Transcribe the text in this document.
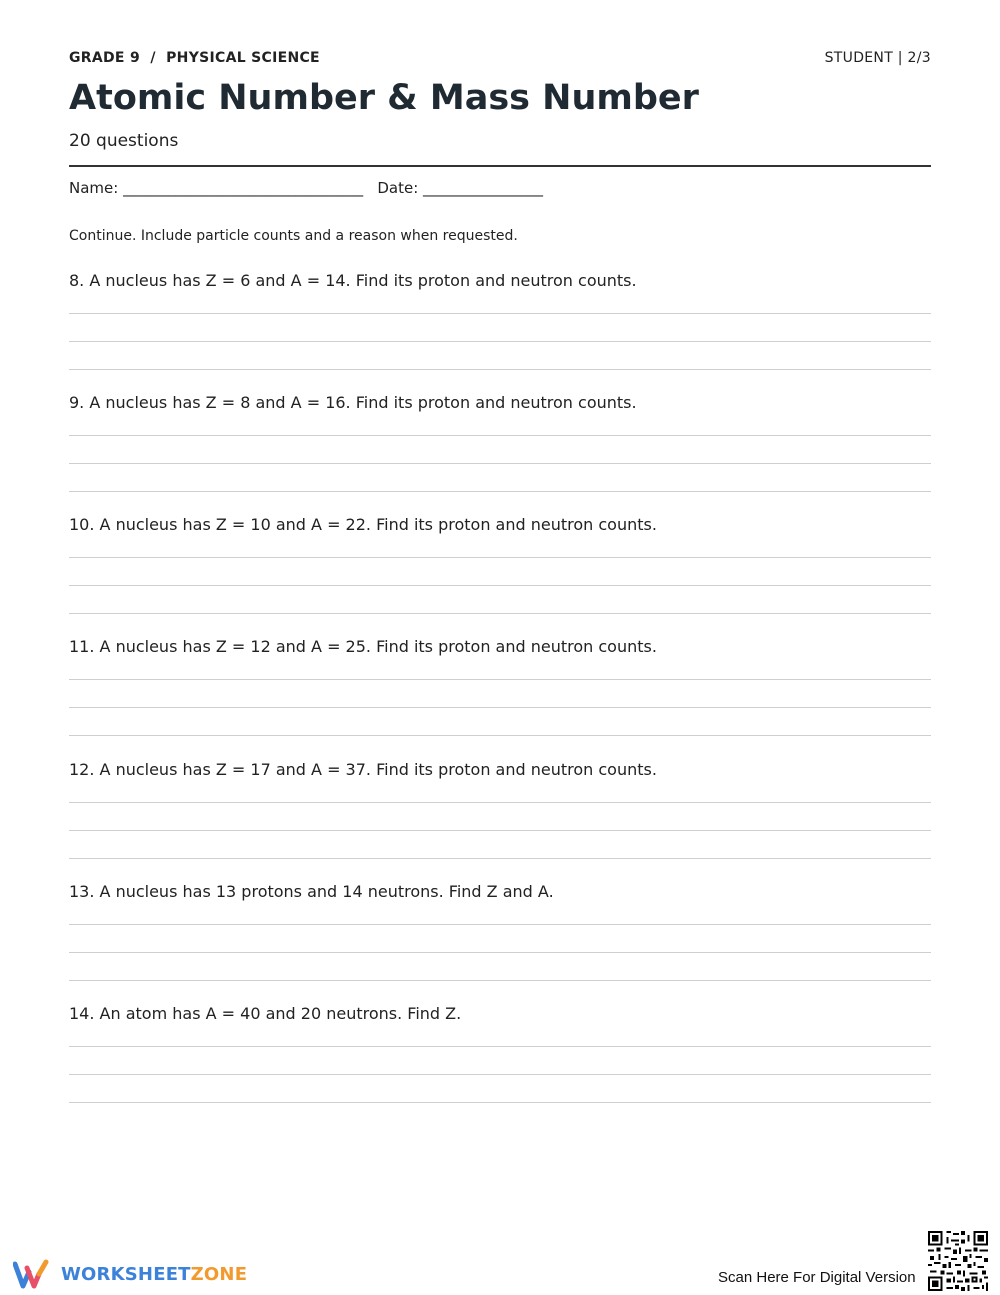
GRADE 9  /  PHYSICAL SCIENCE	STUDENT | 2/3
Atomic Number & Mass Number
20 questions
Name: ________________________________   Date: ________________
Continue. Include particle counts and a reason when requested.
8. A nucleus has Z = 6 and A = 14. Find its proton and neutron counts.
9. A nucleus has Z = 8 and A = 16. Find its proton and neutron counts.
10. A nucleus has Z = 10 and A = 22. Find its proton and neutron counts.
11. A nucleus has Z = 12 and A = 25. Find its proton and neutron counts.
12. A nucleus has Z = 17 and A = 37. Find its proton and neutron counts.
13. A nucleus has 13 protons and 14 neutrons. Find Z and A.
14. An atom has A = 40 and 20 neutrons. Find Z.
WORKSHEETZONE	Scan Here For Digital Version
